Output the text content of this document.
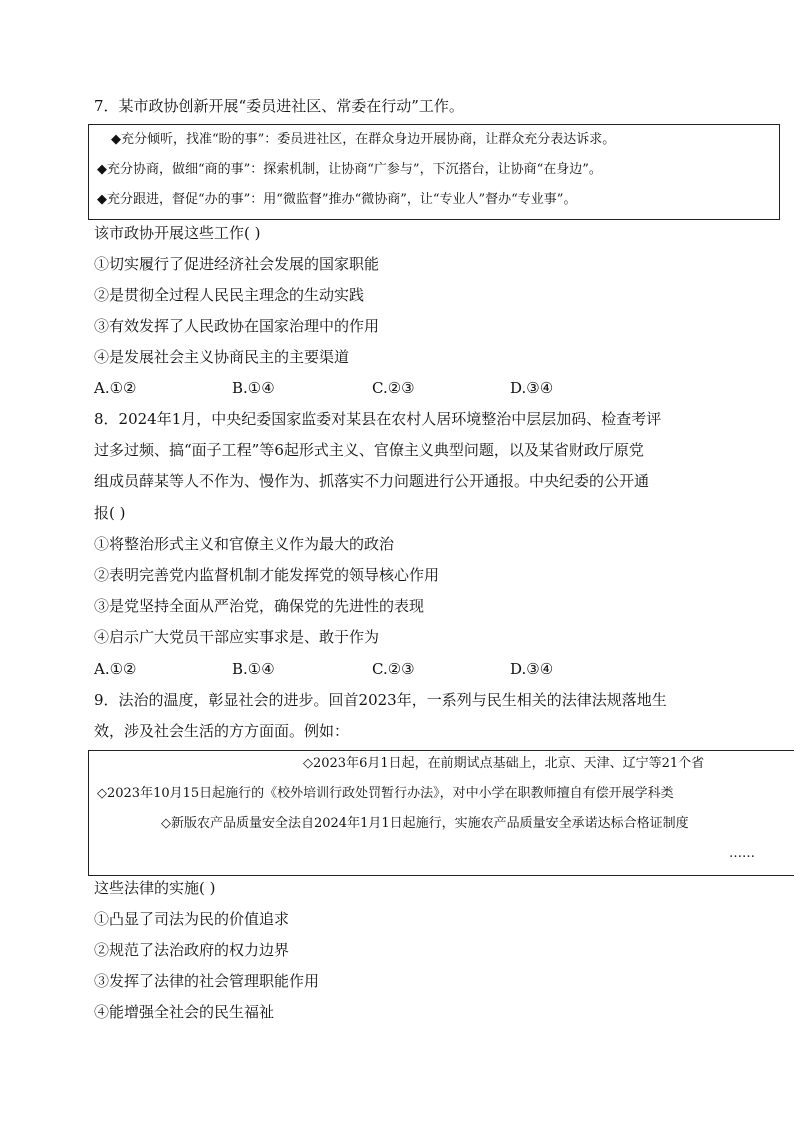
7．某市政协创新开展“委员进社区、常委在行动”工作。
◆充分倾听，找准“盼的事”：委员进社区，在群众身边开展协商，让群众充分表达诉求。
◆充分协商，做细“商的事”：探索机制，让协商“广参与”，下沉搭台，让协商“在身边”。
◆充分跟进，督促“办的事”：用“微监督”推办“微协商”，让“专业人”督办“专业事”。
该市政协开展这些工作( )
①切实履行了促进经济社会发展的国家职能
②是贯彻全过程人民民主理念的生动实践
③有效发挥了人民政协在国家治理中的作用
④是发展社会主义协商民主的主要渠道
A.①②	B.①④	C.②③	D.③④
8．2024年1月，中央纪委国家监委对某县在农村人居环境整治中层层加码、检查考评
过多过频、搞“面子工程”等6起形式主义、官僚主义典型问题，以及某省财政厅原党
组成员薛某等人不作为、慢作为、抓落实不力问题进行公开通报。中央纪委的公开通
报( )
①将整治形式主义和官僚主义作为最大的政治
②表明完善党内监督机制才能发挥党的领导核心作用
③是党坚持全面从严治党，确保党的先进性的表现
④启示广大党员干部应实事求是、敢于作为
A.①②	B.①④	C.②③	D.③④
9．法治的温度，彰显社会的进步。回首2023年，一系列与民生相关的法律法规落地生
效，涉及社会生活的方方面面。例如：
◇2023年6月1日起，在前期试点基础上，北京、天津、辽宁等21个省
◇2023年10月15日起施行的《校外培训行政处罚暂行办法》，对中小学在职教师擅自有偿开展学科类
◇新版农产品质量安全法自2024年1月1日起施行，实施农产品质量安全承诺达标合格证制度
……
这些法律的实施( )
①凸显了司法为民的价值追求
②规范了法治政府的权力边界
③发挥了法律的社会管理职能作用
④能增强全社会的民生福祉
